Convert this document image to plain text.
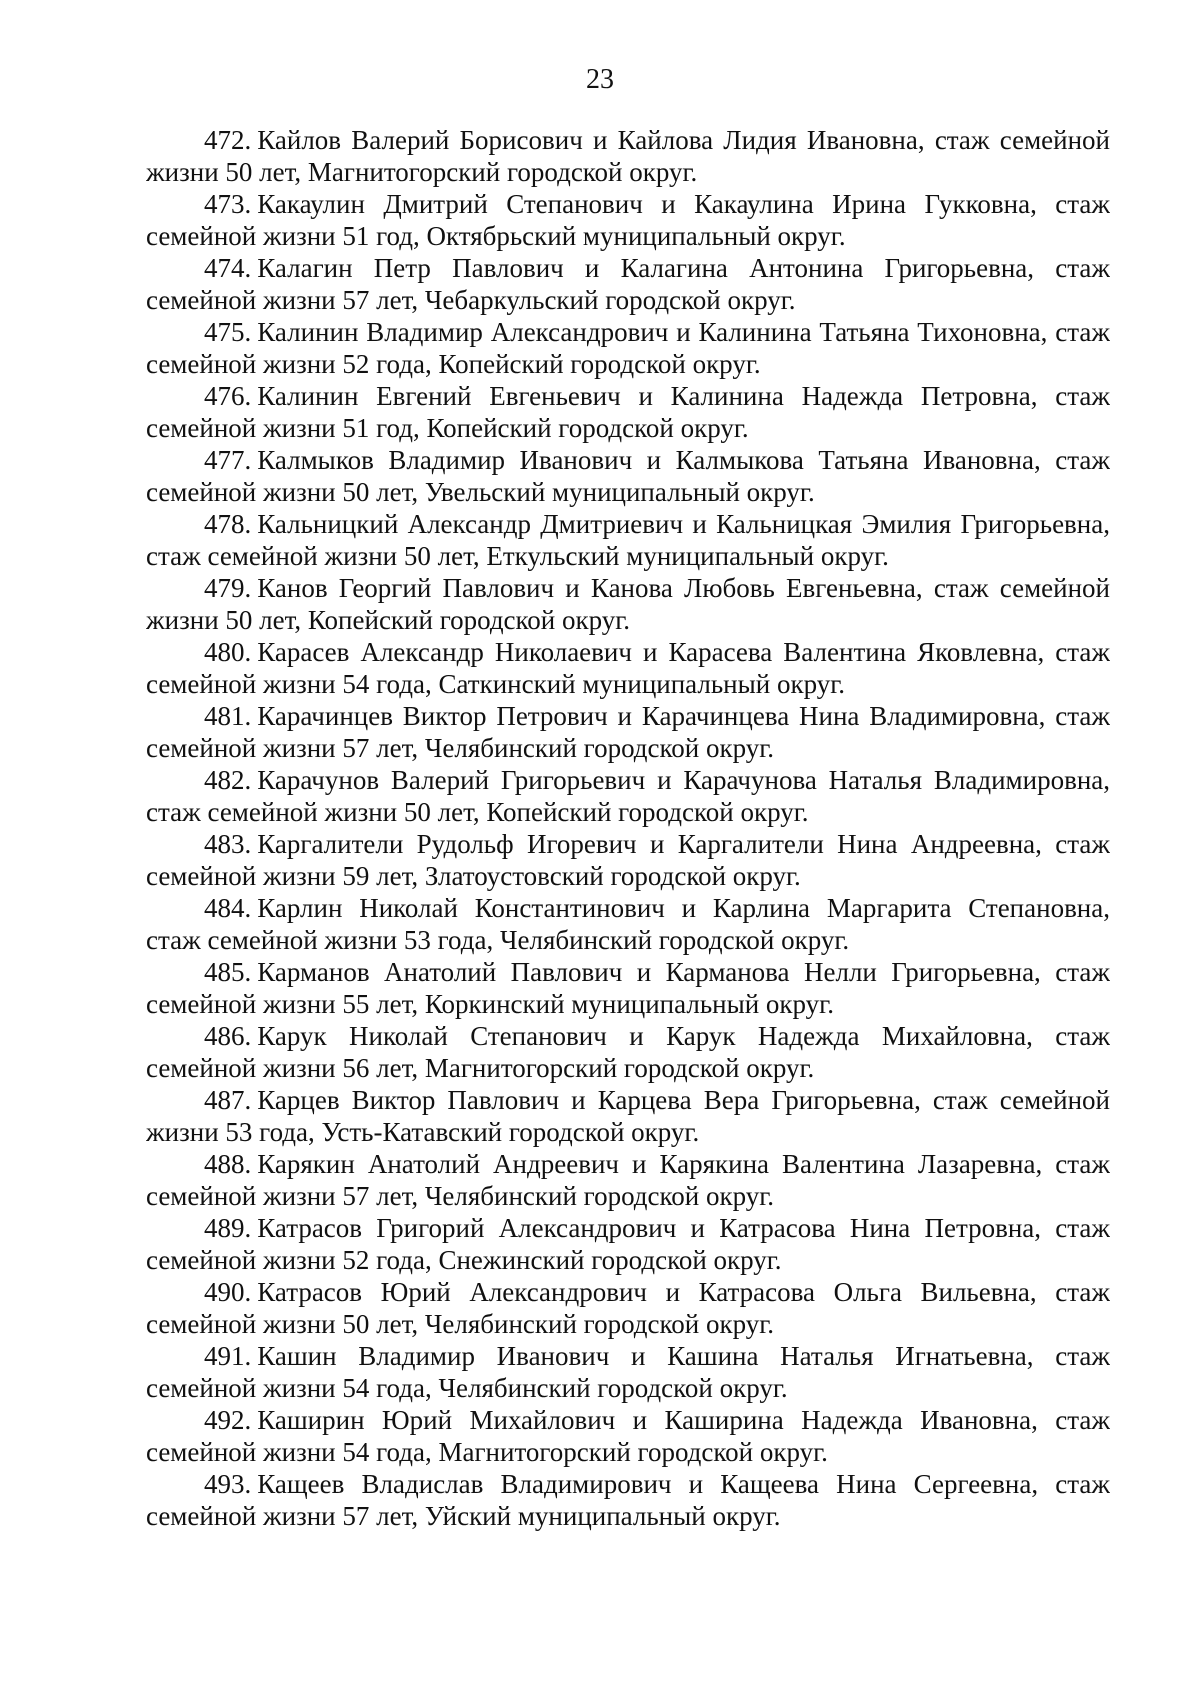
23

472. Кайлов Валерий Борисович и Кайлова Лидия Ивановна, стаж семейной жизни 50 лет, Магнитогорский городской округ.

473. Какаулин Дмитрий Степанович и Какаулина Ирина Гукковна, стаж семейной жизни 51 год, Октябрьский муниципальный округ.

474. Калагин Петр Павлович и Калагина Антонина Григорьевна, стаж семейной жизни 57 лет, Чебаркульский городской округ.

475. Калинин Владимир Александрович и Калинина Татьяна Тихоновна, стаж семейной жизни 52 года, Копейский городской округ.

476. Калинин Евгений Евгеньевич и Калинина Надежда Петровна, стаж семейной жизни 51 год, Копейский городской округ.

477. Калмыков Владимир Иванович и Калмыкова Татьяна Ивановна, стаж семейной жизни 50 лет, Увельский муниципальный округ.

478. Кальницкий Александр Дмитриевич и Кальницкая Эмилия Григорьевна, стаж семейной жизни 50 лет, Еткульский муниципальный округ.

479. Канов Георгий Павлович и Канова Любовь Евгеньевна, стаж семейной жизни 50 лет, Копейский городской округ.

480. Карасев Александр Николаевич и Карасева Валентина Яковлевна, стаж семейной жизни 54 года, Саткинский муниципальный округ.

481. Карачинцев Виктор Петрович и Карачинцева Нина Владимировна, стаж семейной жизни 57 лет, Челябинский городской округ.

482. Карачунов Валерий Григорьевич и Карачунова Наталья Владимировна, стаж семейной жизни 50 лет, Копейский городской округ.

483. Каргалители Рудольф Игоревич и Каргалители Нина Андреевна, стаж семейной жизни 59 лет, Златоустовский городской округ.

484. Карлин Николай Константинович и Карлина Маргарита Степановна, стаж семейной жизни 53 года, Челябинский городской округ.

485. Карманов Анатолий Павлович и Карманова Нелли Григорьевна, стаж семейной жизни 55 лет, Коркинский муниципальный округ.

486. Карук Николай Степанович и Карук Надежда Михайловна, стаж семейной жизни 56 лет, Магнитогорский городской округ.

487. Карцев Виктор Павлович и Карцева Вера Григорьевна, стаж семейной жизни 53 года, Усть-Катавский городской округ.

488. Карякин Анатолий Андреевич и Карякина Валентина Лазаревна, стаж семейной жизни 57 лет, Челябинский городской округ.

489. Катрасов Григорий Александрович и Катрасова Нина Петровна, стаж семейной жизни 52 года, Снежинский городской округ.

490. Катрасов Юрий Александрович и Катрасова Ольга Вильевна, стаж семейной жизни 50 лет, Челябинский городской округ.

491. Кашин Владимир Иванович и Кашина Наталья Игнатьевна, стаж семейной жизни 54 года, Челябинский городской округ.

492. Каширин Юрий Михайлович и Каширина Надежда Ивановна, стаж семейной жизни 54 года, Магнитогорский городской округ.

493. Кащеев Владислав Владимирович и Кащеева Нина Сергеевна, стаж семейной жизни 57 лет, Уйский муниципальный округ.
